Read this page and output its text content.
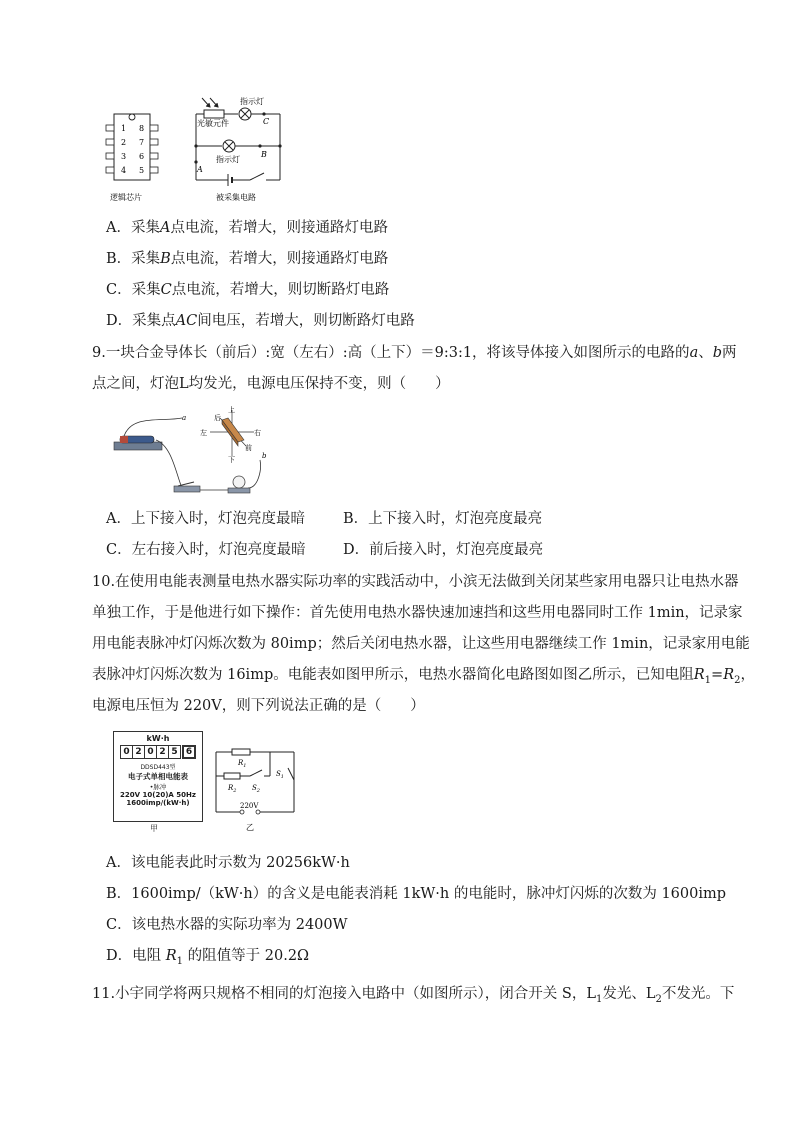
1
2
3
4
8
7
6
5
逻辑芯片
指示灯
光敏元件
指示灯
C
B
A
被采集电路
A．采集A点电流，若增大，则接通路灯电路
B．采集B点电流，若增大，则接通路灯电路
C．采集C点电流，若增大，则切断路灯电路
D．采集点AC间电压，若增大，则切断路灯电路
9.一块合金导体长（前后）:宽（左右）:高（上下）＝9:3:1，将该导体接入如图所示的电路的a、b两
点之间，灯泡L均发光，电源电压保持不变，则（　　）
a
b
上
下
左	右
前
后
A．上下接入时，灯泡亮度最暗	B．上下接入时，灯泡亮度最亮
C．左右接入时，灯泡亮度最暗	D．前后接入时，灯泡亮度最亮
10.在使用电能表测量电热水器实际功率的实践活动中，小滨无法做到关闭某些家用电器只让电热水器
单独工作，于是他进行如下操作：首先使用电热水器快速加速挡和这些用电器同时工作 1min，记录家
用电能表脉冲灯闪烁次数为 80imp；然后关闭电热水器，让这些用电器继续工作 1min，记录家用电能
表脉冲灯闪烁次数为 16imp。电能表如图甲所示，电热水器简化电路图如图乙所示，已知电阻$R_1=R_2$，
电源电压恒为 220V，则下列说法正确的是（　　）
kW·h
0 2 0 2 5 6
DDSD443型
电子式单相电能表
•脉冲
220V 10(20)A 50Hz
1600imp/(kW·h)
甲
$R_1$
$R_2$ $S_2$
$S_1$
220V
乙
A．该电能表此时示数为 20256kW·h
B．1600imp/（kW·h）的含义是电能表消耗 1kW·h 的电能时，脉冲灯闪烁的次数为 1600imp
C．该电热水器的实际功率为 2400W
D．电阻 $R_1$ 的阻值等于 20.2Ω
11.小宇同学将两只规格不相同的灯泡接入电路中（如图所示），闭合开关 S，$L_1$发光、$L_2$不发光。下
